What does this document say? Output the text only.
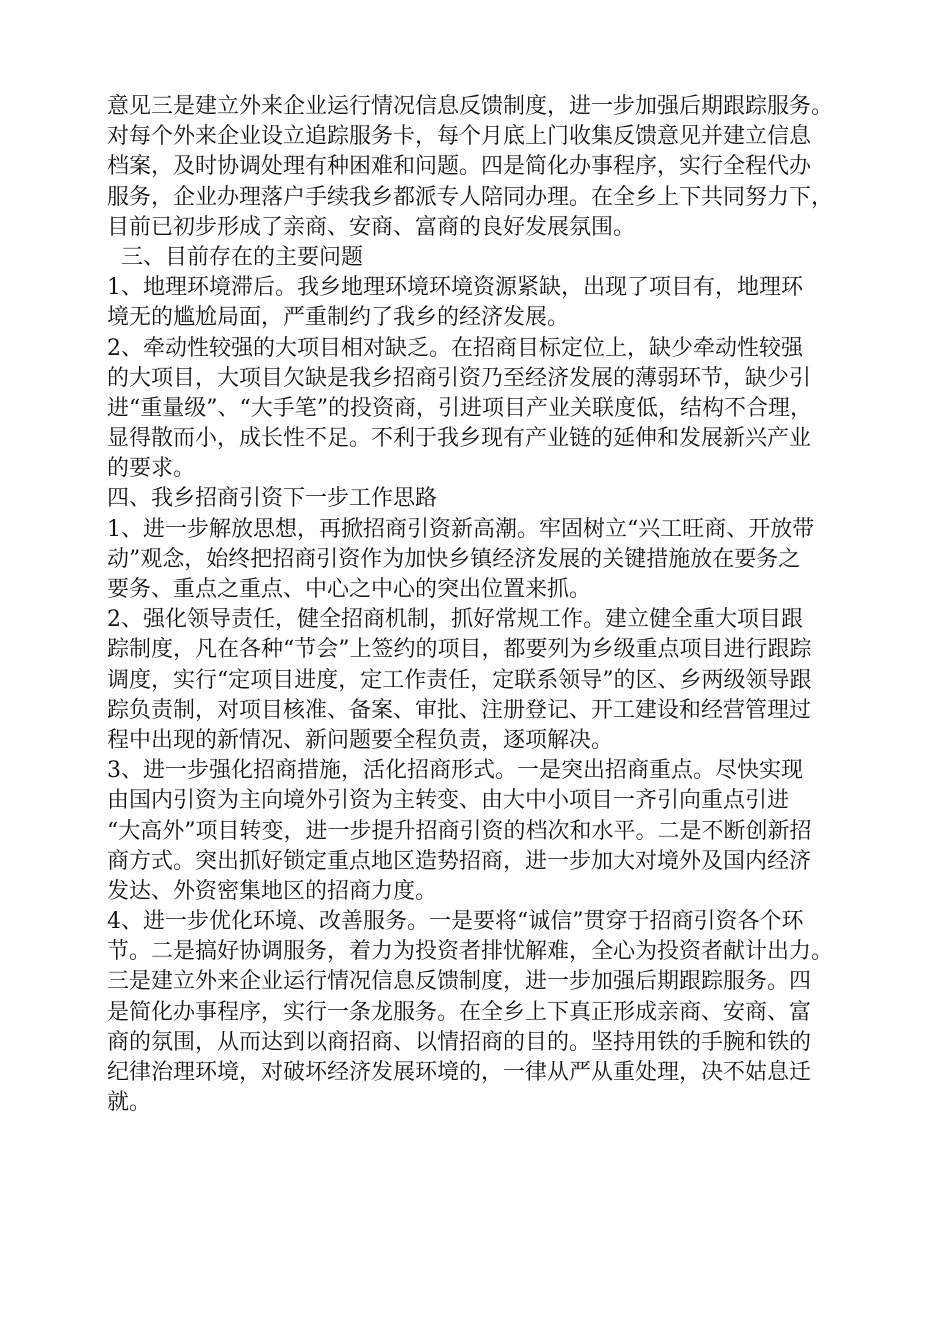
意见三是建立外来企业运行情况信息反馈制度，进一步加强后期跟踪服务。
对每个外来企业设立追踪服务卡，每个月底上门收集反馈意见并建立信息
档案，及时协调处理有种困难和问题。四是简化办事程序，实行全程代办
服务，企业办理落户手续我乡都派专人陪同办理。在全乡上下共同努力下，
目前已初步形成了亲商、安商、富商的良好发展氛围。
三、目前存在的主要问题
1、地理环境滞后。我乡地理环境环境资源紧缺，出现了项目有，地理环
境无的尴尬局面，严重制约了我乡的经济发展。
2、牵动性较强的大项目相对缺乏。在招商目标定位上，缺少牵动性较强
的大项目，大项目欠缺是我乡招商引资乃至经济发展的薄弱环节，缺少引
进“重量级”、“大手笔”的投资商，引进项目产业关联度低，结构不合理，
显得散而小，成长性不足。不利于我乡现有产业链的延伸和发展新兴产业
的要求。
四、我乡招商引资下一步工作思路
1、进一步解放思想，再掀招商引资新高潮。牢固树立“兴工旺商、开放带
动”观念，始终把招商引资作为加快乡镇经济发展的关键措施放在要务之
要务、重点之重点、中心之中心的突出位置来抓。
2、强化领导责任，健全招商机制，抓好常规工作。建立健全重大项目跟
踪制度，凡在各种“节会”上签约的项目，都要列为乡级重点项目进行跟踪
调度，实行“定项目进度，定工作责任，定联系领导”的区、乡两级领导跟
踪负责制，对项目核准、备案、审批、注册登记、开工建设和经营管理过
程中出现的新情况、新问题要全程负责，逐项解决。
3、进一步强化招商措施，活化招商形式。一是突出招商重点。尽快实现
由国内引资为主向境外引资为主转变、由大中小项目一齐引向重点引进
“大高外”项目转变，进一步提升招商引资的档次和水平。二是不断创新招
商方式。突出抓好锁定重点地区造势招商，进一步加大对境外及国内经济
发达、外资密集地区的招商力度。
4、进一步优化环境、改善服务。一是要将“诚信”贯穿于招商引资各个环
节。二是搞好协调服务，着力为投资者排忧解难，全心为投资者献计出力。
三是建立外来企业运行情况信息反馈制度，进一步加强后期跟踪服务。四
是简化办事程序，实行一条龙服务。在全乡上下真正形成亲商、安商、富
商的氛围，从而达到以商招商、以情招商的目的。坚持用铁的手腕和铁的
纪律治理环境，对破坏经济发展环境的，一律从严从重处理，决不姑息迁
就。
